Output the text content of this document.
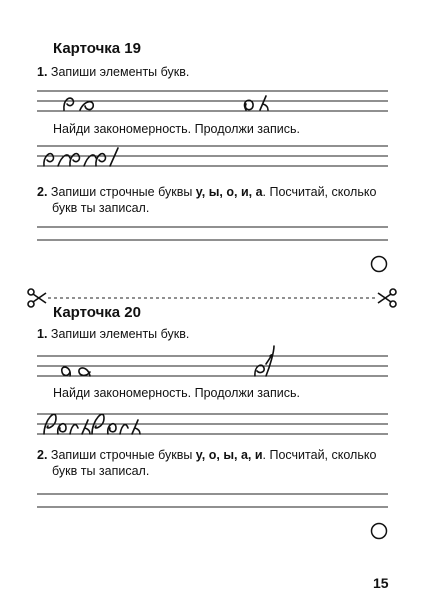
Карточка 19
1. Запиши элементы букв.
Найди закономерность. Продолжи запись.
2. Запиши строчные буквы у, ы, о, и, а. Посчитай, сколько
букв ты записал.
Карточка 20
1. Запиши элементы букв.
Найди закономерность. Продолжи запись.
2. Запиши строчные буквы у, о, ы, а, и. Посчитай, сколько
букв ты записал.
15
